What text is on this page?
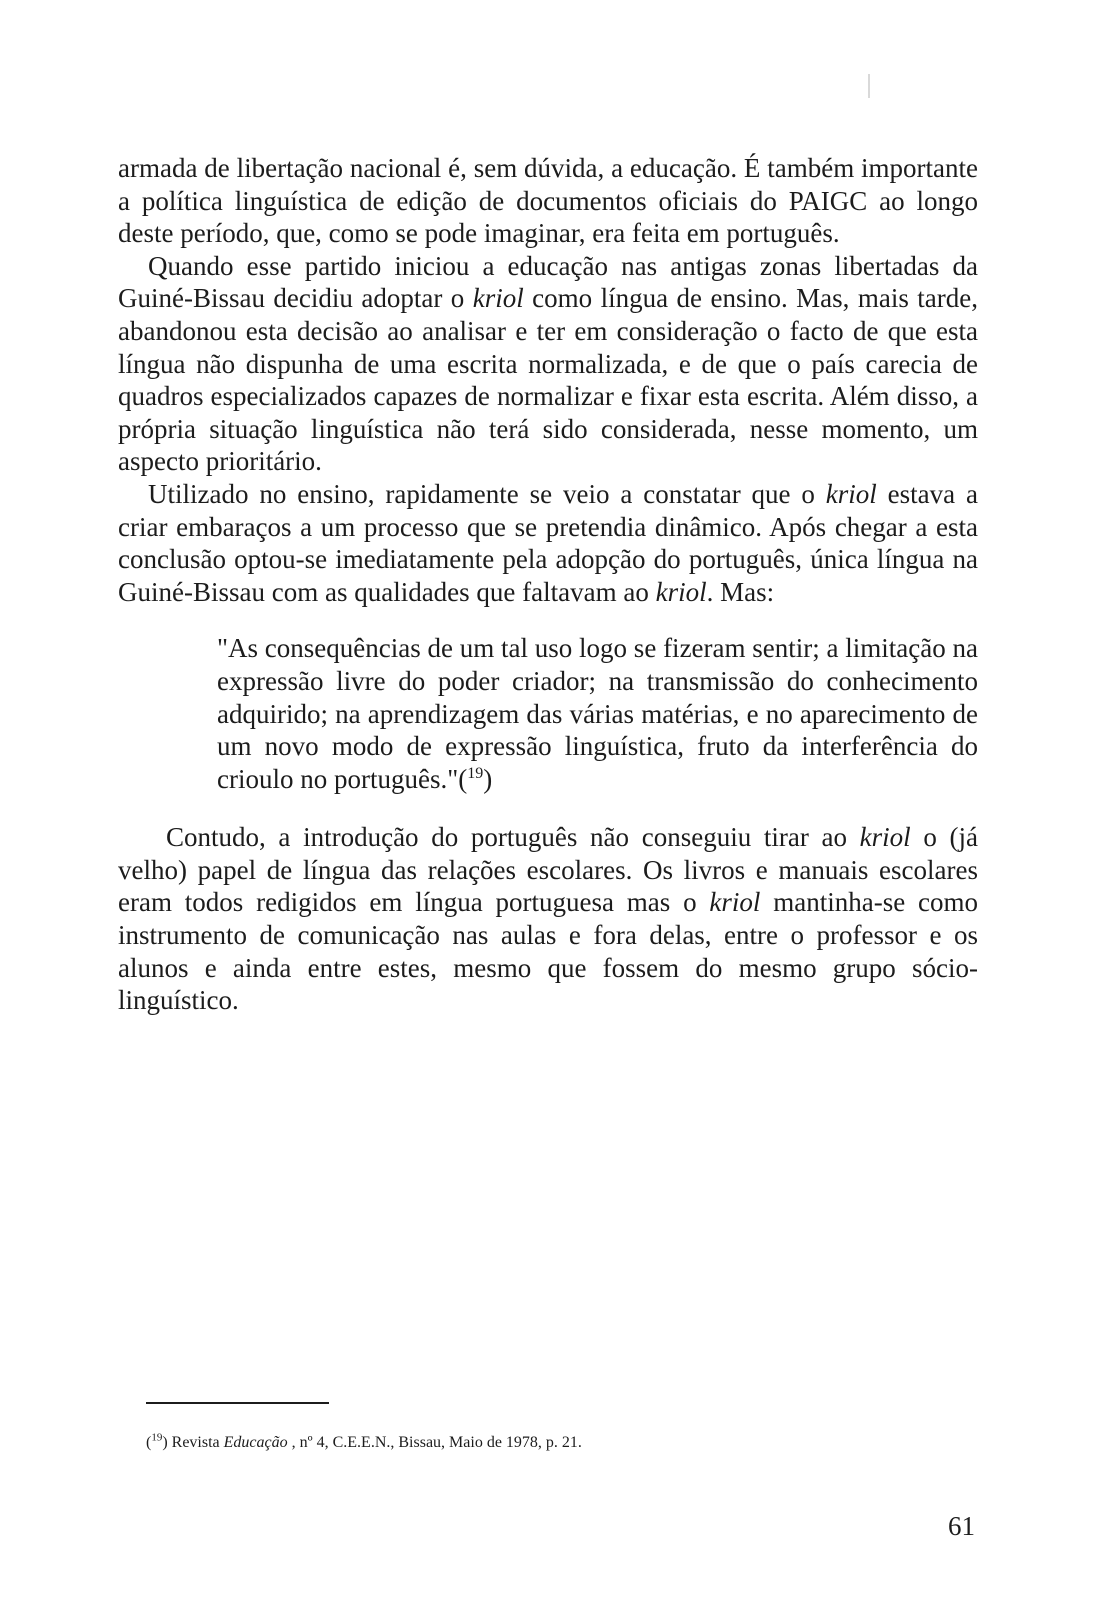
armada de libertação nacional é, sem dúvida, a educação. É também importante a política linguística de edição de documentos oficiais do PAIGC ao longo deste período, que, como se pode imaginar, era feita em português.

Quando esse partido iniciou a educação nas antigas zonas libertadas da Guiné-Bissau decidiu adoptar o kriol como língua de ensino. Mas, mais tarde, abandonou esta decisão ao analisar e ter em consideração o facto de que esta língua não dispunha de uma escrita normalizada, e de que o país carecia de quadros especializados capazes de normalizar e fixar esta escrita. Além disso, a própria situação linguística não terá sido considerada, nesse momento, um aspecto prioritário.

Utilizado no ensino, rapidamente se veio a constatar que o kriol estava a criar embaraços a um processo que se pretendia dinâmico. Após chegar a esta conclusão optou-se imediatamente pela adopção do português, única língua na Guiné-Bissau com as qualidades que faltavam ao kriol. Mas:

"As consequências de um tal uso logo se fizeram sentir; a limitação na expressão livre do poder criador; na transmissão do conhecimento adquirido; na aprendizagem das várias matérias, e no aparecimento de um novo modo de expressão linguística, fruto da interferência do crioulo no português."($^{19}$)

Contudo, a introdução do português não conseguiu tirar ao kriol o (já velho) papel de língua das relações escolares. Os livros e manuais escolares eram todos redigidos em língua portuguesa mas o kriol mantinha-se como instrumento de comunicação nas aulas e fora delas, entre o professor e os alunos e ainda entre estes, mesmo que fossem do mesmo grupo sócio-linguístico.

($^{19}$) Revista Educação , nº 4, C.E.E.N., Bissau, Maio de 1978, p. 21.
61
